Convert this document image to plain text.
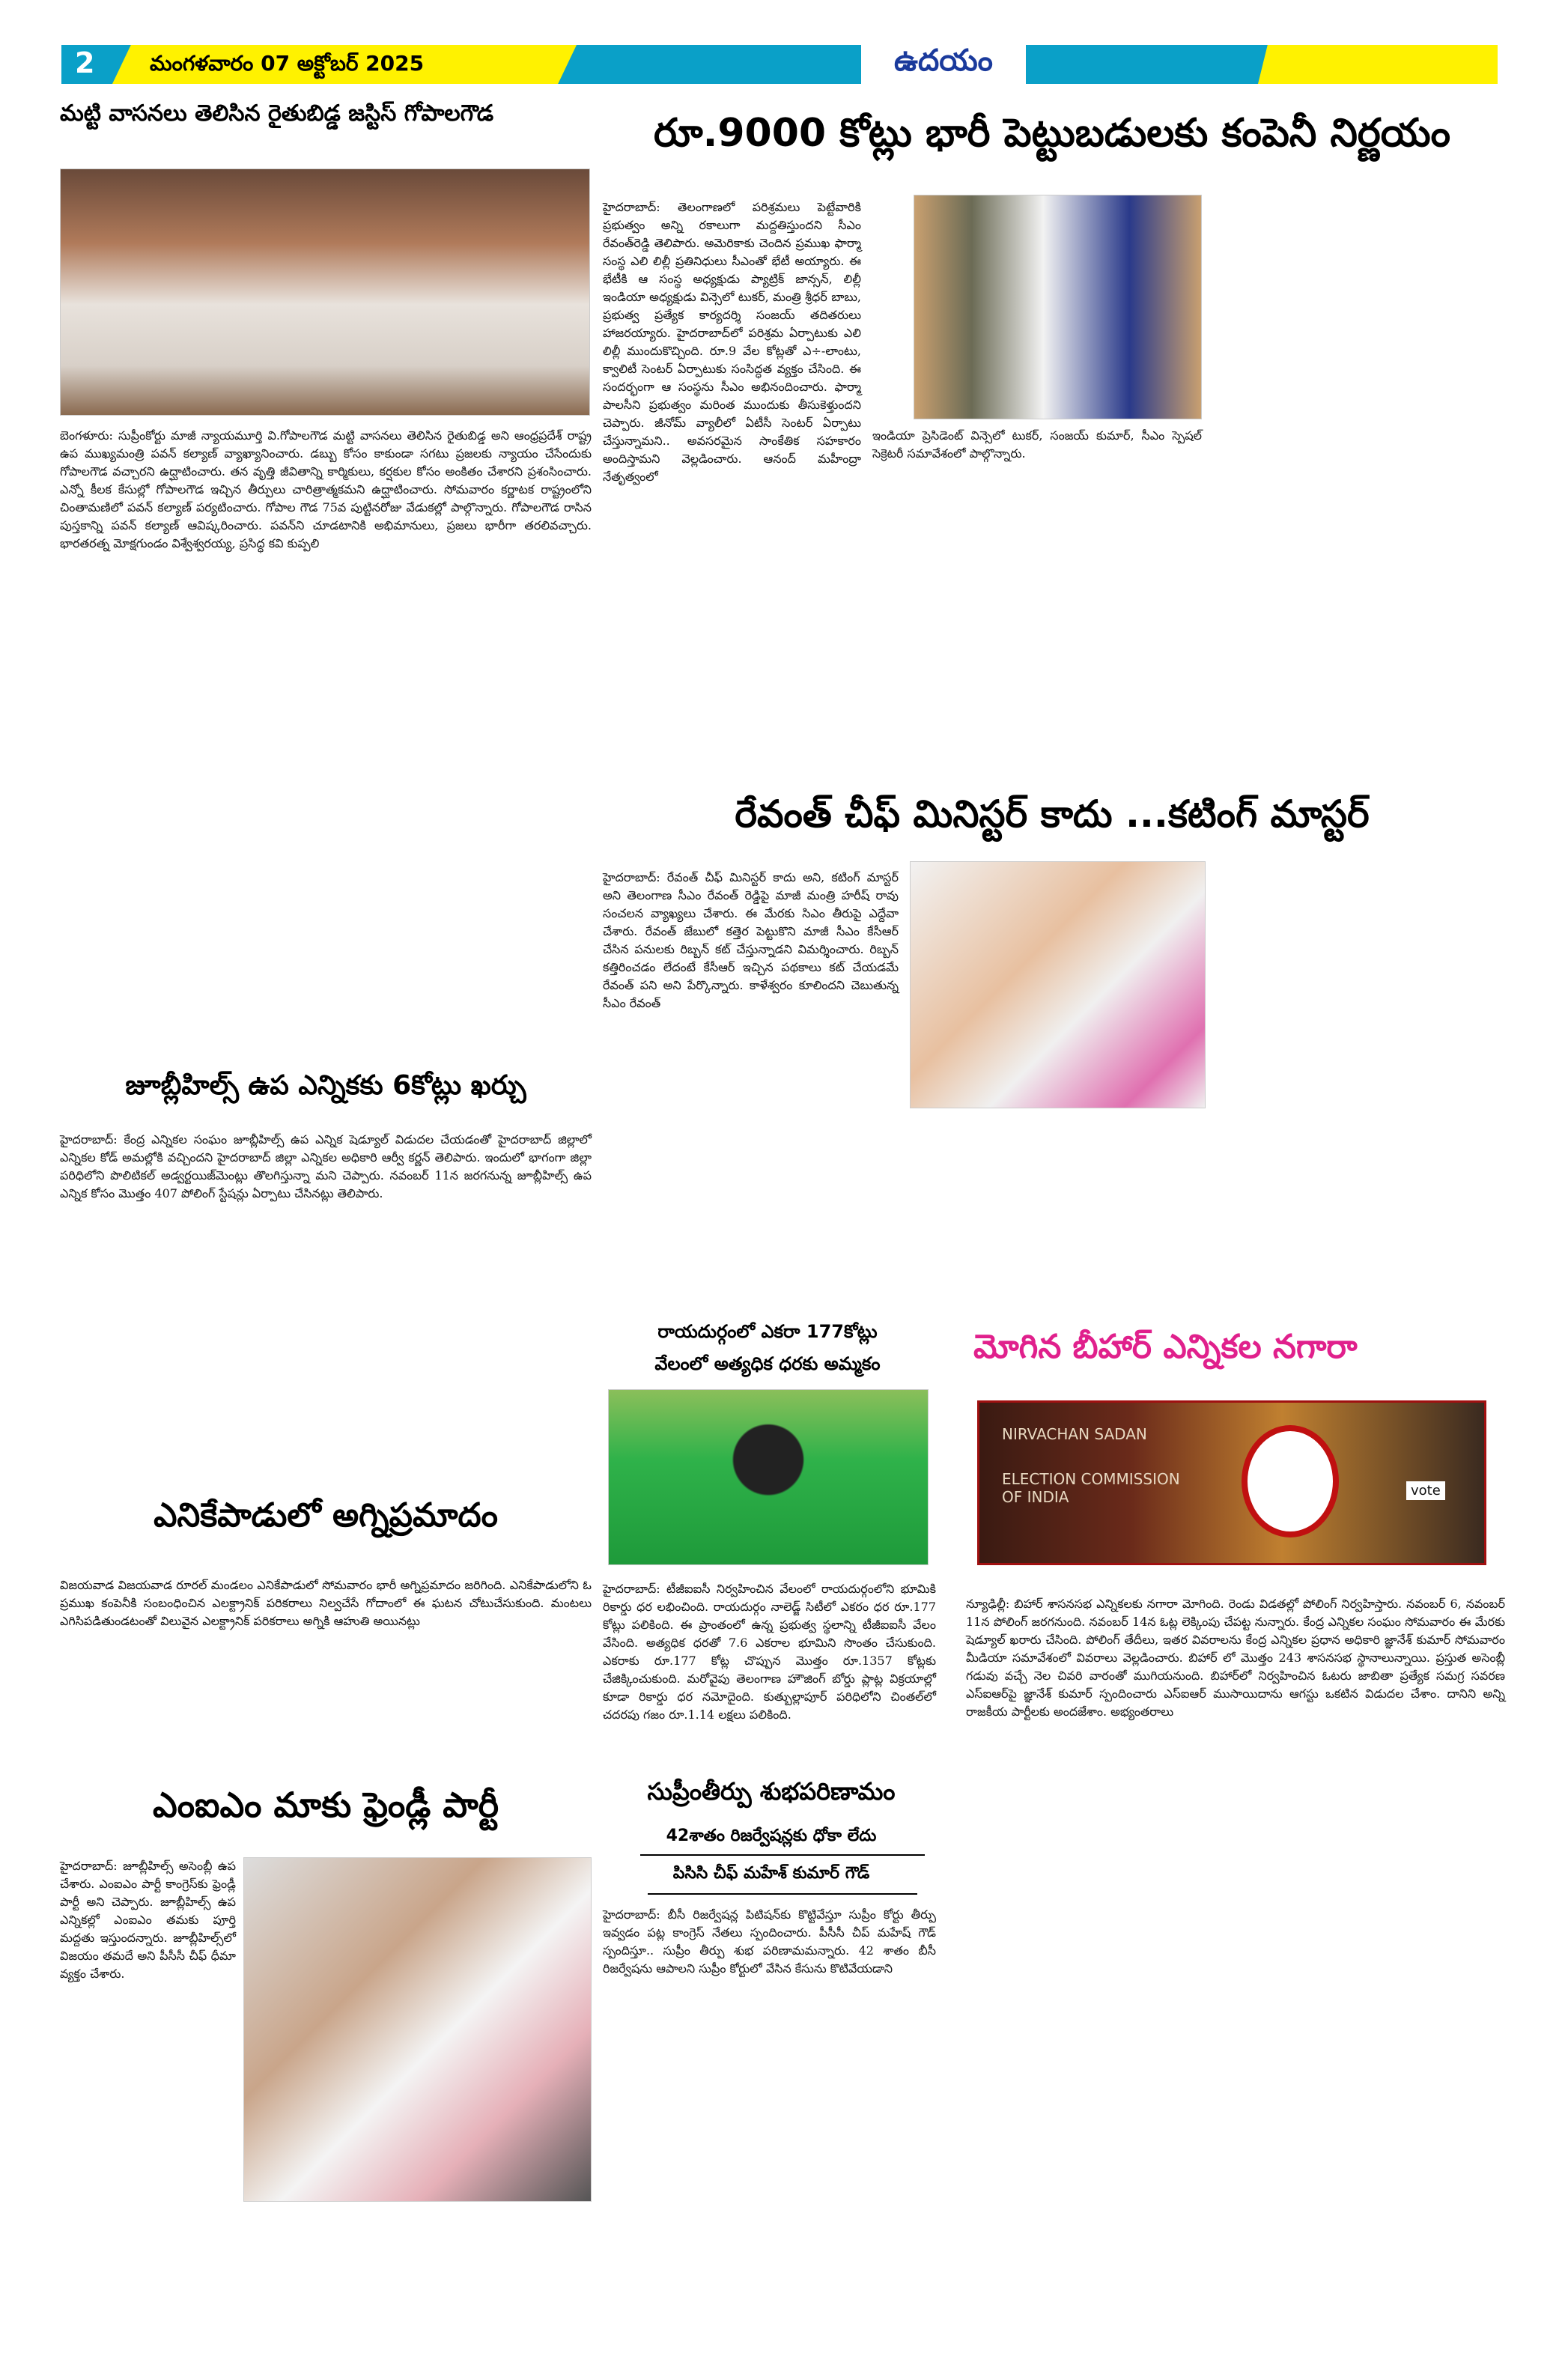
2	మంగళవారం 07 అక్టోబర్ 2025	ఉదయం
మట్టి వాసనలు తెలిసిన రైతుబిడ్డ జస్టిస్ గోపాలగౌడ
బెంగళూరు: సుప్రీంకోర్టు మాజీ న్యాయమూర్తి వి.గోపాలగౌడ మట్టి వాసనలు తెలిసిన రైతుబిడ్డ అని ఆంధ్రప్రదేశ్ రాష్ట్ర ఉప ముఖ్యమంత్రి పవన్ కల్యాణ్ వ్యాఖ్యానించారు. డబ్బు కోసం కాకుండా సగటు ప్రజలకు న్యాయం చేసేందుకు గోపాలగౌడ వచ్చారని ఉద్ఘాటించారు. తన వృత్తి జీవితాన్ని కార్మికులు, కర్షకుల కోసం అంకితం చేశారని ప్రశంసించారు. ఎన్నో కీలక కేసుల్లో గోపాలగౌడ ఇచ్చిన తీర్పులు చారిత్రాత్మకమని ఉద్ఘాటించారు. సోమవారం కర్ణాటక రాష్ట్రంలోని చింతామణిలో పవన్ కల్యాణ్ పర్యటించారు. గోపాల గౌడ 75వ పుట్టినరోజు వేడుకల్లో పాల్గొన్నారు. గోపాలగౌడ రాసిన పుస్తకాన్ని పవన్ కల్యాణ్ ఆవిష్కరించారు. పవన్‌ని చూడటానికి అభిమానులు, ప్రజలు భారీగా తరలివచ్చారు. భారతరత్న మోక్షగుండం విశ్వేశ్వరయ్య, ప్రసిద్ధ కవి కుప్పలి
జూబ్లీహిల్స్ ఉప ఎన్నికకు 6కోట్లు ఖర్చు
హైదరాబాద్: కేంద్ర ఎన్నికల సంఘం జూబ్లీహిల్స్ ఉప ఎన్నిక షెడ్యూల్ విడుదల చేయడంతో హైదరాబాద్ జిల్లాలో ఎన్నికల కోడ్ అమల్లోకి వచ్చిందని హైదరాబాద్ జిల్లా ఎన్నికల అధికారి ఆర్వీ కర్ణన్ తెలిపారు. ఇందులో భాగంగా జిల్లా పరిధిలోని పొలిటికల్ అడ్వర్టయిజ్‌మెంట్లు తొలగిస్తున్నా మని చెప్పారు. నవంబర్ 11న జరగనున్న జూబ్లీహిల్స్ ఉప ఎన్నిక కోసం మొత్తం 407 పోలింగ్ స్టేషన్లు ఏర్పాటు చేసినట్లు తెలిపారు.
ఎనికేపాడులో అగ్నిప్రమాదం
విజయవాడ విజయవాడ రూరల్ మండలం ఎనికేపాడులో సోమవారం భారీ అగ్నిప్రమాదం జరిగింది. ఎనికేపాడులోని ఓ ప్రముఖ కంపెనీకి సంబంధించిన ఎలక్ట్రానిక్ పరికరాలు నిల్వచేసే గోదాంలో ఈ ఘటన చోటుచేసుకుంది. మంటలు ఎగిసిపడితుండటంతో విలువైన ఎలక్ట్రానిక్ పరికరాలు అగ్నికి ఆహుతి అయినట్లు
ఎంఐఎం మాకు ఫ్రెండ్లీ పార్టీ
హైదరాబాద్: జూబ్లీహిల్స్ అసెంబ్లీ ఉప చేశారు. ఎంఐఎం పార్టీ కాంగ్రెస్‌కు ఫ్రెండ్లీ పార్టీ అని చెప్పారు. జూబ్లీహిల్స్ ఉప ఎన్నికల్లో ఎంఐఎం తమకు పూర్తి మద్దతు ఇస్తుందన్నారు. జూబ్లీహిల్స్‌లో విజయం తమదే అని పీసీసీ చీఫ్ ధీమా వ్యక్తం చేశారు.
రూ.9000 కోట్లు భారీ పెట్టుబడులకు కంపెనీ నిర్ణయం
హైదరాబాద్: తెలంగాణలో పరిశ్రమలు పెట్టేవారికి ప్రభుత్వం అన్ని రకాలుగా మద్దతిస్తుందని సీఎం రేవంత్‌రెడ్డి తెలిపారు. అమెరికాకు చెందిన ప్రముఖ ఫార్మా సంస్థ ఎలి లిల్లీ ప్రతినిధులు సీఎంతో భేటీ అయ్యారు. ఈ భేటీకి ఆ సంస్థ అధ్యక్షుడు ప్యాట్రిక్ జాన్సన్, లిల్లీ ఇండియా అధ్యక్షుడు విన్సెలో టుకర్, మంత్రి శ్రీధర్ బాబు, ప్రభుత్వ ప్రత్యేక కార్యదర్శి సంజయ్ తదితరులు హాజరయ్యారు. హైదరాబాద్‌లో పరిశ్రమ ఏర్పాటుకు ఎలి లిల్లీ ముందుకొచ్చింది. రూ.9 వేల కోట్లతో ఎ÷-లాంటు, క్వాలిటీ సెంటర్ ఏర్పాటుకు సంసిద్ధత వ్యక్తం చేసింది. ఈ సందర్భంగా ఆ సంస్థను సీఎం అభినందించారు. ఫార్మా పాలసీని ప్రభుత్వం మరింత ముందుకు తీసుకెళ్తుందని చెప్పారు. జీనోమ్ వ్యాలీలో ఏటీసీ సెంటర్ ఏర్పాటు చేస్తున్నామని.. అవసరమైన సాంకేతిక సహకారం అందిస్తామని వెల్లడించారు. ఆనంద్ మహీంద్రా నేతృత్వంలో
ఇండియా ప్రెసిడెంట్ విన్సెలో టుకర్, సంజయ్ కుమార్, సీఎం స్పెషల్ సెక్రెటరీ సమావేశంలో పాల్గొన్నారు.
రేవంత్ చీఫ్ మినిస్టర్ కాదు ...కటింగ్ మాస్టర్
హైదరాబాద్: రేవంత్ చీఫ్ మినిస్టర్ కాదు అని, కటింగ్ మాస్టర్ అని తెలంగాణ సీఎం రేవంత్ రెడ్డిపై మాజీ మంత్రి హరీష్ రావు సంచలన వ్యాఖ్యలు చేశారు. ఈ మేరకు సిఎం తీరుపై ఎద్దేవా చేశారు. రేవంత్ జేబులో కత్తెర పెట్టుకొని మాజీ సీఎం కేసీఆర్ చేసిన పనులకు రిబ్బన్ కట్ చేస్తున్నాడని విమర్శించారు. రిబ్బన్ కత్తిరించడం లేదంటే కేసీఆర్ ఇచ్చిన పథకాలు కట్ చేయడమే రేవంత్ పని అని పేర్కొన్నారు. కాళేశ్వరం కూలిందని చెబుతున్న సీఎం రేవంత్
రాయదుర్గంలో ఎకరా 177కోట్లు
వేలంలో అత్యధిక ధరకు అమ్మకం
హైదరాబాద్: టీజీఐఐసీ నిర్వహించిన వేలంలో రాయదుర్గంలోని భూమికి రికార్డు ధర లభించింది. రాయదుర్గం నాలెడ్జ్ సిటీలో ఎకరం ధర రూ.177 కోట్లు పలికింది. ఈ ప్రాంతంలో ఉన్న ప్రభుత్వ స్థలాన్ని టీజీఐఐసీ వేలం వేసింది. అత్యధిక ధరతో 7.6 ఎకరాల భూమిని సొంతం చేసుకుంది. ఎకరాకు రూ.177 కోట్ల చొప్పున మొత్తం రూ.1357 కోట్లకు చేజిక్కించుకుంది. మరోవైపు తెలంగాణ హౌజింగ్ బోర్డు ప్లాట్ల విక్రయాల్లో కూడా రికార్డు ధర నమోదైంది. కుత్బుల్లాపూర్ పరిధిలోని చింతల్‌లో చదరపు గజం రూ.1.14 లక్షలు పలికింది.
మోగిన బీహార్ ఎన్నికల నగారా
NIRVACHAN SADAN
ELECTION COMMISSION OF INDIA	vote
న్యూఢిల్లీ: బిహార్ శాసనసభ ఎన్నికలకు నగారా మోగింది. రెండు విడతల్లో పోలింగ్ నిర్వహిస్తారు. నవంబర్ 6, నవంబర్ 11న పోలింగ్ జరగనుంది. నవంబర్ 14న ఓట్ల లెక్కింపు చేపట్ట నున్నారు. కేంద్ర ఎన్నికల సంఘం సోమవారం ఈ మేరకు షెడ్యూల్ ఖరారు చేసింది. పోలింగ్ తేదీలు, ఇతర వివరాలను కేంద్ర ఎన్నికల ప్రధాన అధికారి జ్ఞానేశ్ కుమార్ సోమవారం మీడియా సమావేశంలో వివరాలు వెల్లడించారు. బిహార్ లో మొత్తం 243 శాసనసభ స్థానాలున్నాయి. ప్రస్తుత అసెంబ్లీ గడువు వచ్చే నెల చివరి వారంతో ముగియనుంది. బిహార్‌లో నిర్వహించిన ఓటరు జాబితా ప్రత్యేక సమగ్ర సవరణ ఎస్‌ఐఆర్‌పై జ్ఞానేశ్ కుమార్ స్పందించారు ఎస్‌ఐఆర్ ముసాయిదాను ఆగస్టు ఒకటిన విడుదల చేశాం. దానిని అన్ని రాజకీయ పార్టీలకు అందజేశాం. అభ్యంతరాలు
సుప్రీంతీర్పు శుభపరిణామం
42శాతం రిజర్వేషన్లకు ధోకా లేదు
పిసిసి చీఫ్ మహేశ్ కుమార్ గౌడ్
హైదరాబాద్: బీసీ రిజర్వేషన్ల పిటిషన్‌కు కొట్టివేస్తూ సుప్రీం కోర్టు తీర్పు ఇవ్వడం పట్ల కాంగ్రెస్ నేతలు స్పందించారు. పీసీసీ చీప్ మహేష్ గౌడ్ స్పందిస్తూ.. సుప్రీం తీర్పు శుభ పరిణామమన్నారు. 42 శాతం బీసీ రిజర్వేషను ఆపాలని సుప్రీం కోర్టులో వేసిన కేసును కొటివేయడాని
